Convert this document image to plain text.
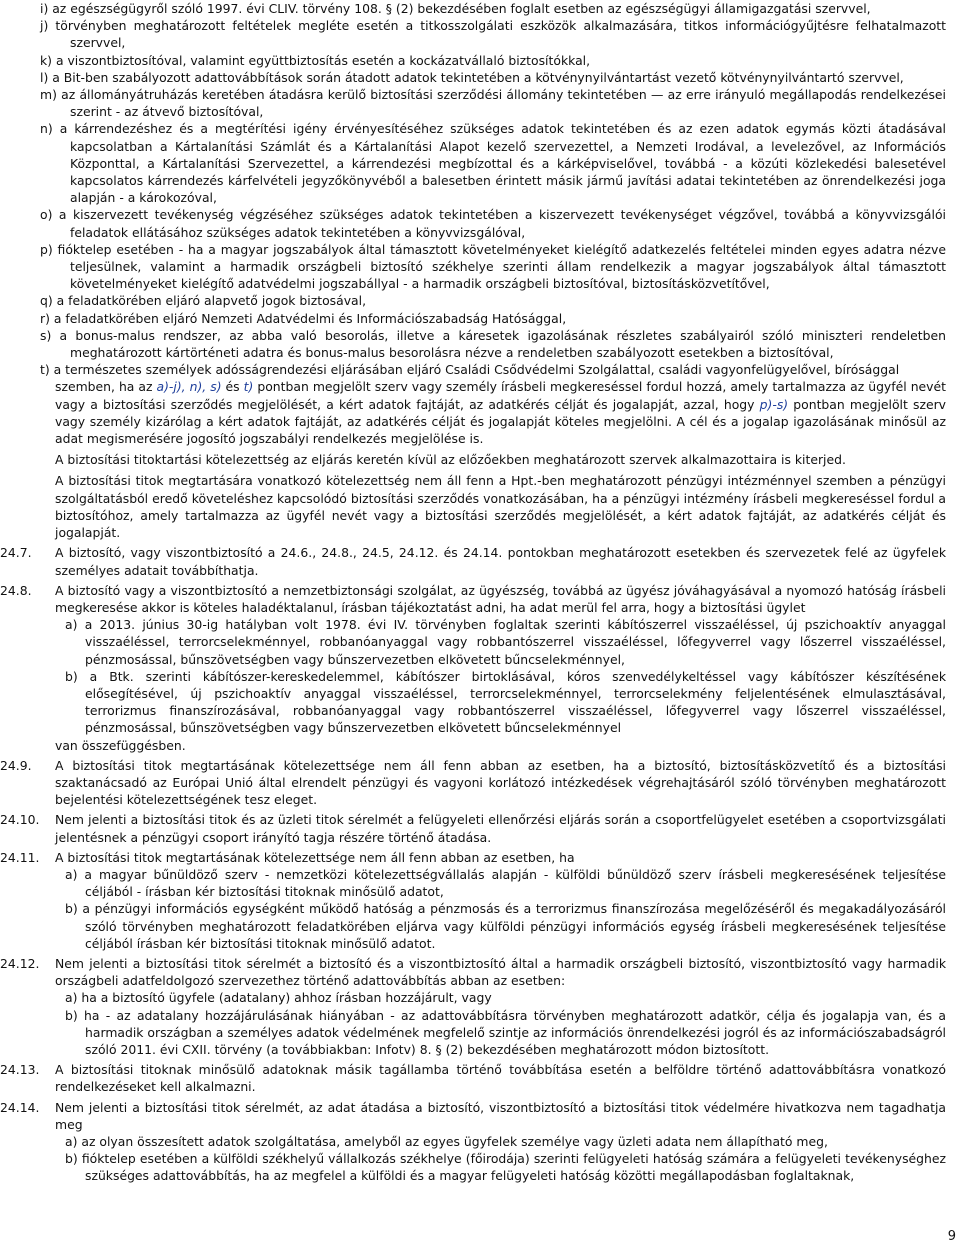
i) az egészségügyről szóló 1997. évi CLIV. törvény 108. § (2) bekezdésében foglalt esetben az egészségügyi államigazgatási szervvel,
j) törvényben meghatározott feltételek megléte esetén a titkosszolgálati eszközök alkalmazására, titkos információgyűjtésre felhatalmazott szervvel,
k) a viszontbiztosítóval, valamint együttbiztosítás esetén a kockázatvállaló biztosítókkal,
l) a Bit-ben szabályozott adattovábbítások során átadott adatok tekintetében a kötvénynyilvántartást vezető kötvénynyilvántartó szervvel,
m) az állományátruházás keretében átadásra kerülő biztosítási szerződési állomány tekintetében — az erre irányuló megállapodás rendelkezései szerint - az átvevő biztosítóval,
n) a kárrendezéshez és a megtérítési igény érvényesítéséhez szükséges adatok tekintetében és az ezen adatok egymás közti átadásával kapcsolatban a Kártalanítási Számlát és a Kártalanítási Alapot kezelő szervezettel, a Nemzeti Irodával, a levelezővel, az Információs Központtal, a Kártalanítási Szervezettel, a kárrendezési megbízottal és a kárképviselővel, továbbá - a közúti közlekedési balesetével kapcsolatos kárrendezés kárfelvételi jegyzőkönyvéből a balesetben érintett másik jármű javítási adatai tekintetében az önrendelkezési joga alapján - a károkozóval,
o) a kiszervezett tevékenység végzéséhez szükséges adatok tekintetében a kiszervezett tevékenységet végzővel, továbbá a könyvvizsgálói feladatok ellátásához szükséges adatok tekintetében a könyvvizsgálóval,
p) fióktelep esetében - ha a magyar jogszabályok által támasztott követelményeket kielégítő adatkezelés feltételei minden egyes adatra nézve teljesülnek, valamint a harmadik országbeli biztosító székhelye szerinti állam rendelkezik a magyar jogszabályok által támasztott követelményeket kielégítő adatvédelmi jogszabállyal - a harmadik országbeli biztosítóval, biztosításközvetítővel,
q) a feladatkörében eljáró alapvető jogok biztosával,
r) a feladatkörében eljáró Nemzeti Adatvédelmi és Információszabadság Hatósággal,
s) a bonus-malus rendszer, az abba való besorolás, illetve a káresetek igazolásának részletes szabályairól szóló miniszteri rendeletben meghatározott kártörténeti adatra és bonus-malus besorolásra nézve a rendeletben szabályozott esetekben a biztosítóval,
t) a természetes személyek adósságrendezési eljárásában eljáró Családi Csődvédelmi Szolgálattal, családi vagyonfelügyelővel, bírósággal
szemben, ha az a)-j), n), s) és t) pontban megjelölt szerv vagy személy írásbeli megkereséssel fordul hozzá, amely tartalmazza az ügyfél nevét vagy a biztosítási szerződés megjelölését, a kért adatok fajtáját, az adatkérés célját és jogalapját, azzal, hogy p)-s) pontban megjelölt szerv vagy személy kizárólag a kért adatok fajtáját, az adatkérés célját és jogalapját köteles megjelölni. A cél és a jogalap igazolásának minősül az adat megismerésére jogosító jogszabályi rendelkezés megjelölése is.
A biztosítási titoktartási kötelezettség az eljárás keretén kívül az előzőekben meghatározott szervek alkalmazottaira is kiterjed.
A biztosítási titok megtartására vonatkozó kötelezettség nem áll fenn a Hpt.-ben meghatározott pénzügyi intézménnyel szemben a pénzügyi szolgáltatásból eredő követeléshez kapcsolódó biztosítási szerződés vonatkozásában, ha a pénzügyi intézmény írásbeli megkereséssel fordul a biztosítóhoz, amely tartalmazza az ügyfél nevét vagy a biztosítási szerződés megjelölését, a kért adatok fajtáját, az adatkérés célját és jogalapját.
24.7.	A biztosító, vagy viszontbiztosító a 24.6., 24.8., 24.5, 24.12. és 24.14. pontokban meghatározott esetekben és szervezetek felé az ügyfelek személyes adatait továbbíthatja.
24.8.	A biztosító vagy a viszontbiztosító a nemzetbiztonsági szolgálat, az ügyészség, továbbá az ügyész jóváhagyásával a nyomozó hatóság írásbeli megkeresése akkor is köteles haladéktalanul, írásban tájékoztatást adni, ha adat merül fel arra, hogy a biztosítási ügylet
a) a 2013. június 30-ig hatályban volt 1978. évi IV. törvényben foglaltak szerinti kábítószerrel visszaéléssel, új pszichoaktív anyaggal visszaéléssel, terrorcselekménnyel, robbanóanyaggal vagy robbantószerrel visszaéléssel, lőfegyverrel vagy lőszerrel visszaéléssel, pénzmosással, bűnszövetségben vagy bűnszervezetben elkövetett bűncselekménnyel,
b) a Btk. szerinti kábítószer-kereskedelemmel, kábítószer birtoklásával, kóros szenvedélykeltéssel vagy kábítószer készítésének elősegítésével, új pszichoaktív anyaggal visszaéléssel, terrorcselekménnyel, terrorcselekmény feljelentésének elmulasztásával, terrorizmus finanszírozásával, robbanóanyaggal vagy robbantószerrel visszaéléssel, lőfegyverrel vagy lőszerrel visszaéléssel, pénzmosással, bűnszövetségben vagy bűnszervezetben elkövetett bűncselekménnyel
van összefüggésben.
24.9.	A biztosítási titok megtartásának kötelezettsége nem áll fenn abban az esetben, ha a biztosító, biztosításközvetítő és a biztosítási szaktanácsadó az Európai Unió által elrendelt pénzügyi és vagyoni korlátozó intézkedések végrehajtásáról szóló törvényben meghatározott bejelentési kötelezettségének tesz eleget.
24.10.	Nem jelenti a biztosítási titok és az üzleti titok sérelmét a felügyeleti ellenőrzési eljárás során a csoportfelügyelet esetében a csoportvizsgálati jelentésnek a pénzügyi csoport irányító tagja részére történő átadása.
24.11.	A biztosítási titok megtartásának kötelezettsége nem áll fenn abban az esetben, ha
a) a magyar bűnüldöző szerv - nemzetközi kötelezettségvállalás alapján - külföldi bűnüldöző szerv írásbeli megkeresésének teljesítése céljából - írásban kér biztosítási titoknak minősülő adatot,
b) a pénzügyi információs egységként működő hatóság a pénzmosás és a terrorizmus finanszírozása megelőzéséről és megakadályozásáról szóló törvényben meghatározott feladatkörében eljárva vagy külföldi pénzügyi információs egység írásbeli megkeresésének teljesítése céljából írásban kér biztosítási titoknak minősülő adatot.
24.12.	Nem jelenti a biztosítási titok sérelmét a biztosító és a viszontbiztosító által a harmadik országbeli biztosító, viszontbiztosító vagy harmadik országbeli adatfeldolgozó szervezethez történő adattovábbítás abban az esetben:
a) ha a biztosító ügyfele (adatalany) ahhoz írásban hozzájárult, vagy
b) ha - az adatalany hozzájárulásának hiányában - az adattovábbításra törvényben meghatározott adatkör, célja és jogalapja van, és a harmadik országban a személyes adatok védelmének megfelelő szintje az információs önrendelkezési jogról és az információszabadságról szóló 2011. évi CXII. törvény (a továbbiakban: Infotv) 8. § (2) bekezdésében meghatározott módon biztosított.
24.13.	A biztosítási titoknak minősülő adatoknak másik tagállamba történő továbbítása esetén a belföldre történő adattovábbításra vonatkozó rendelkezéseket kell alkalmazni.
24.14.	Nem jelenti a biztosítási titok sérelmét, az adat átadása a biztosító, viszontbiztosító a biztosítási titok védelmére hivatkozva nem tagadhatja meg
a) az olyan összesített adatok szolgáltatása, amelyből az egyes ügyfelek személye vagy üzleti adata nem állapítható meg,
b) fióktelep esetében a külföldi székhelyű vállalkozás székhelye (főirodája) szerinti felügyeleti hatóság számára a felügyeleti tevékenységhez szükséges adattovábbítás, ha az megfelel a külföldi és a magyar felügyeleti hatóság közötti megállapodásban foglaltaknak,
9
